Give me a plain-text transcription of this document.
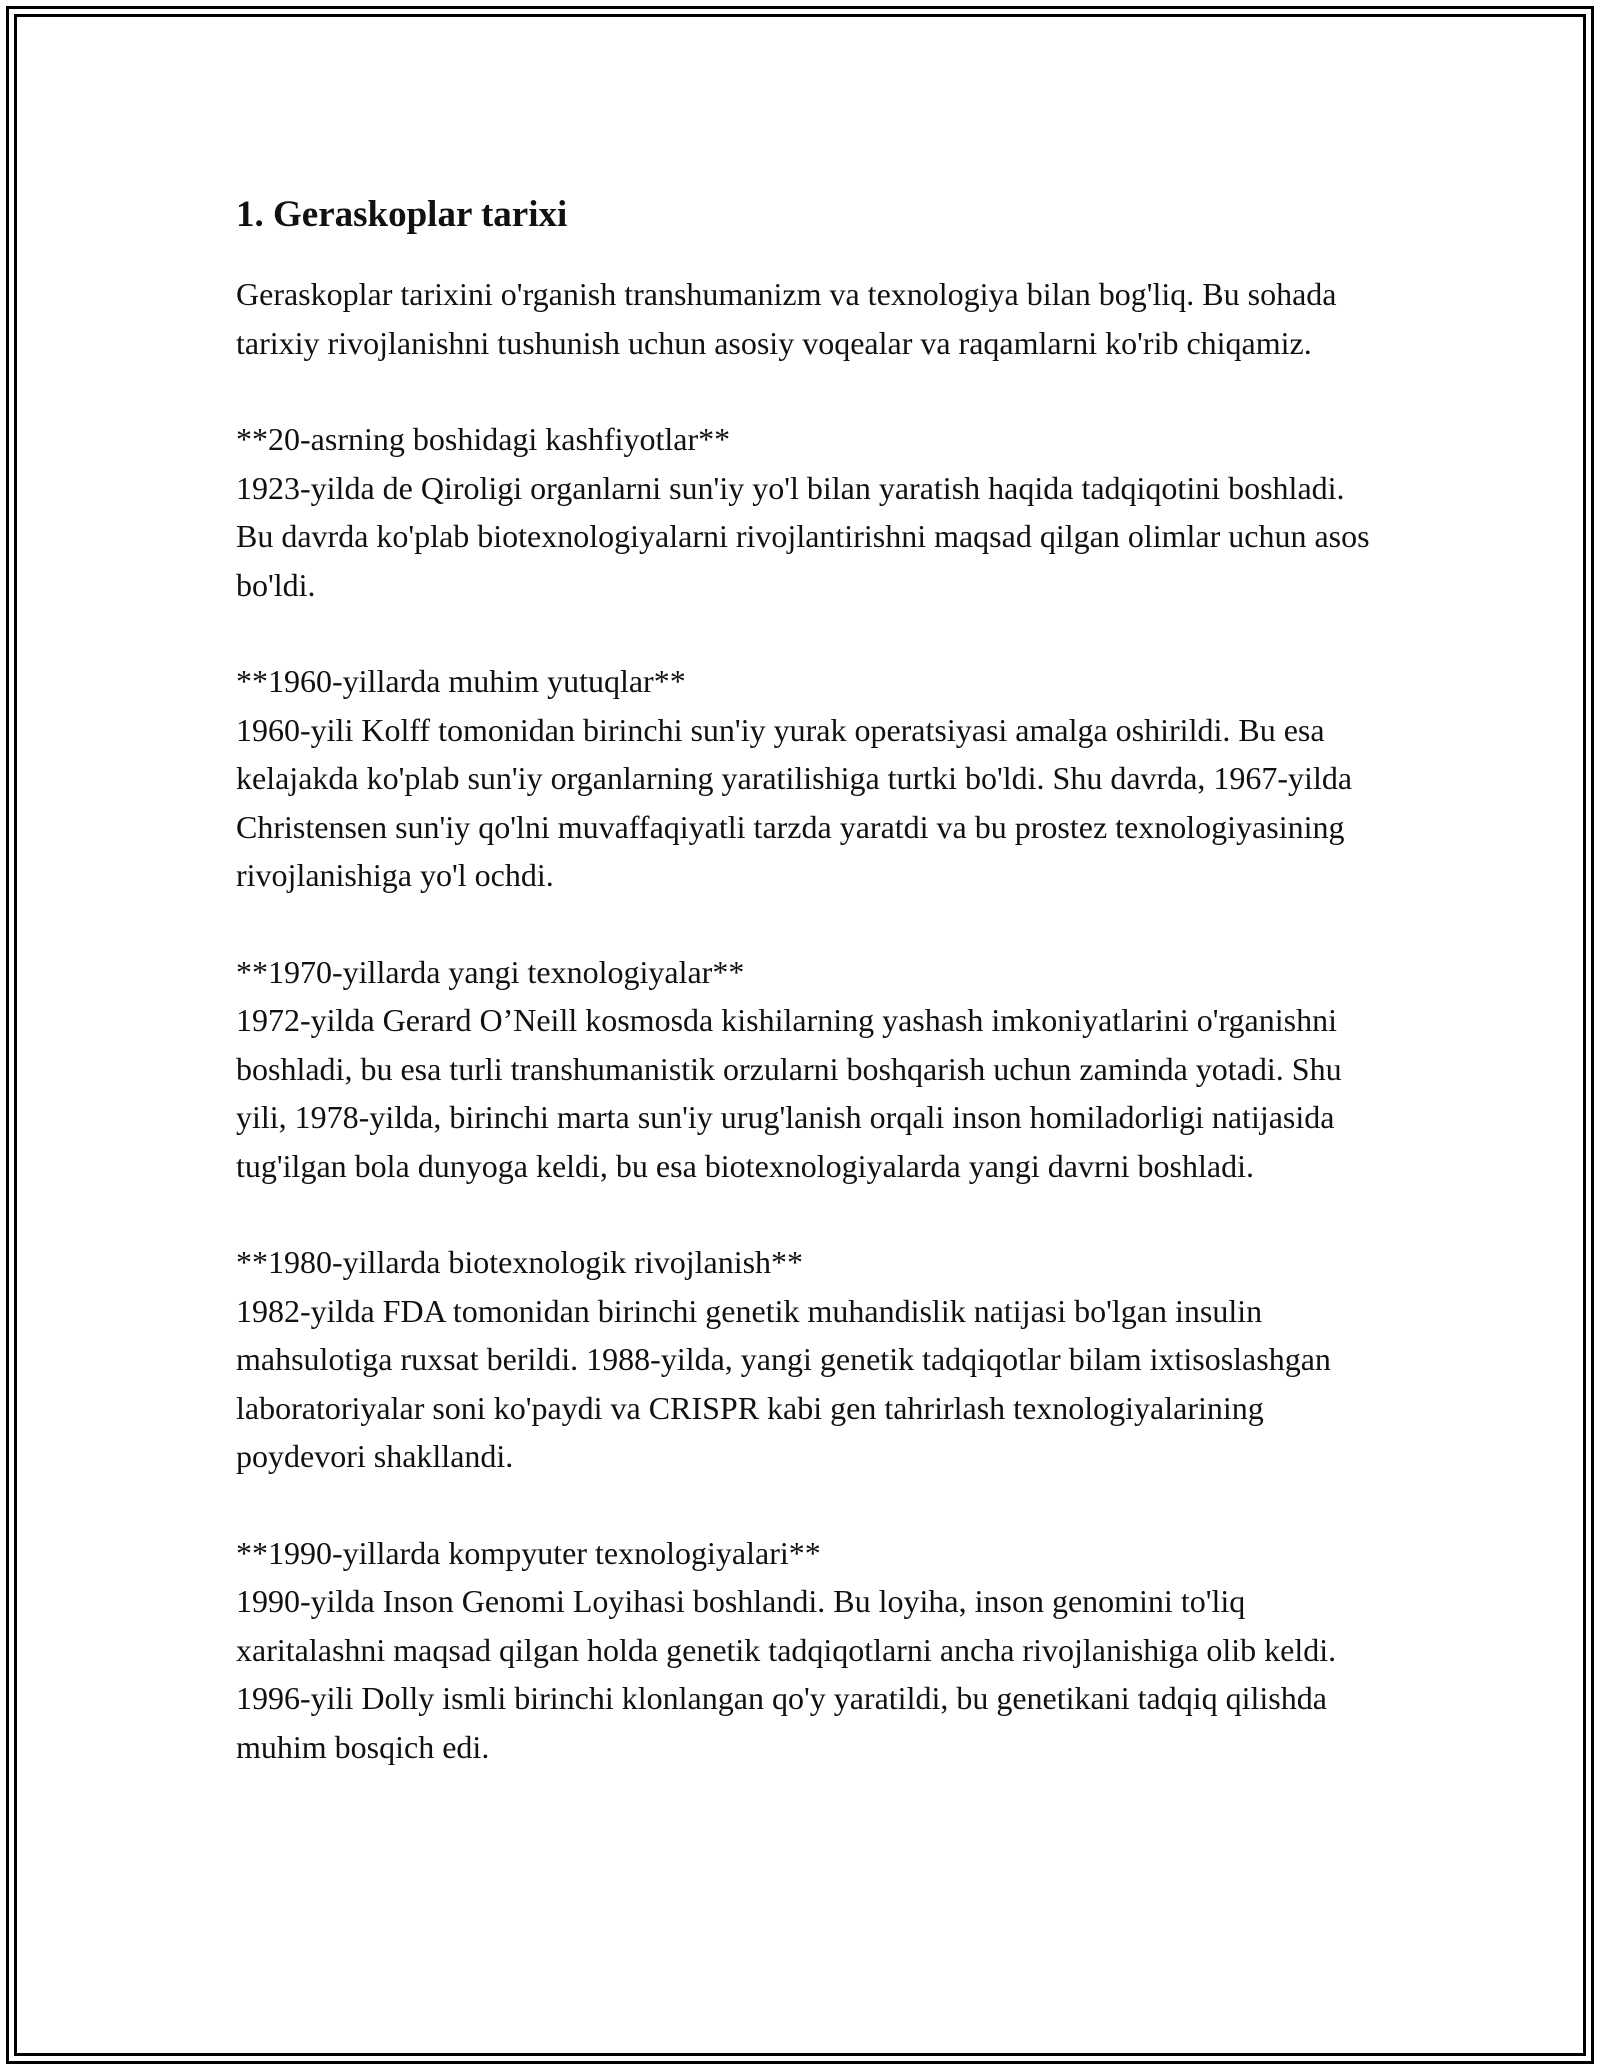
1. Geraskoplar tarixi

Geraskoplar tarixini o'rganish transhumanizm va texnologiya bilan bog'liq. Bu sohada tarixiy rivojlanishni tushunish uchun asosiy voqealar va raqamlarni ko'rib chiqamiz.

**20-asrning boshidagi kashfiyotlar**
1923-yilda de Qiroligi organlarni sun'iy yo'l bilan yaratish haqida tadqiqotini boshladi. Bu davrda ko'plab biotexnologiyalarni rivojlantirishni maqsad qilgan olimlar uchun asos bo'ldi.
**1960-yillarda muhim yutuqlar**
1960-yili Kolff tomonidan birinchi sun'iy yurak operatsiyasi amalga oshirildi. Bu esa kelajakda ko'plab sun'iy organlarning yaratilishiga turtki bo'ldi. Shu davrda, 1967-yilda Christensen sun'iy qo'lni muvaffaqiyatli tarzda yaratdi va bu prostez texnologiyasining rivojlanishiga yo'l ochdi.
**1970-yillarda yangi texnologiyalar**
1972-yilda Gerard O’Neill kosmosda kishilarning yashash imkoniyatlarini o'rganishni boshladi, bu esa turli transhumanistik orzularni boshqarish uchun zaminda yotadi. Shu yili, 1978-yilda, birinchi marta sun'iy urug'lanish orqali inson homiladorligi natijasida tug'ilgan bola dunyoga keldi, bu esa biotexnologiyalarda yangi davrni boshladi.
**1980-yillarda biotexnologik rivojlanish**
1982-yilda FDA tomonidan birinchi genetik muhandislik natijasi bo'lgan insulin mahsulotiga ruxsat berildi. 1988-yilda, yangi genetik tadqiqotlar bilam ixtisoslashgan laboratoriyalar soni ko'paydi va CRISPR kabi gen tahrirlash texnologiyalarining poydevori shakllandi.
**1990-yillarda kompyuter texnologiyalari**
1990-yilda Inson Genomi Loyihasi boshlandi. Bu loyiha, inson genomini to'liq xaritalashni maqsad qilgan holda genetik tadqiqotlarni ancha rivojlanishiga olib keldi. 1996-yili Dolly ismli birinchi klonlangan qo'y yaratildi, bu genetikani tadqiq qilishda muhim bosqich edi.
